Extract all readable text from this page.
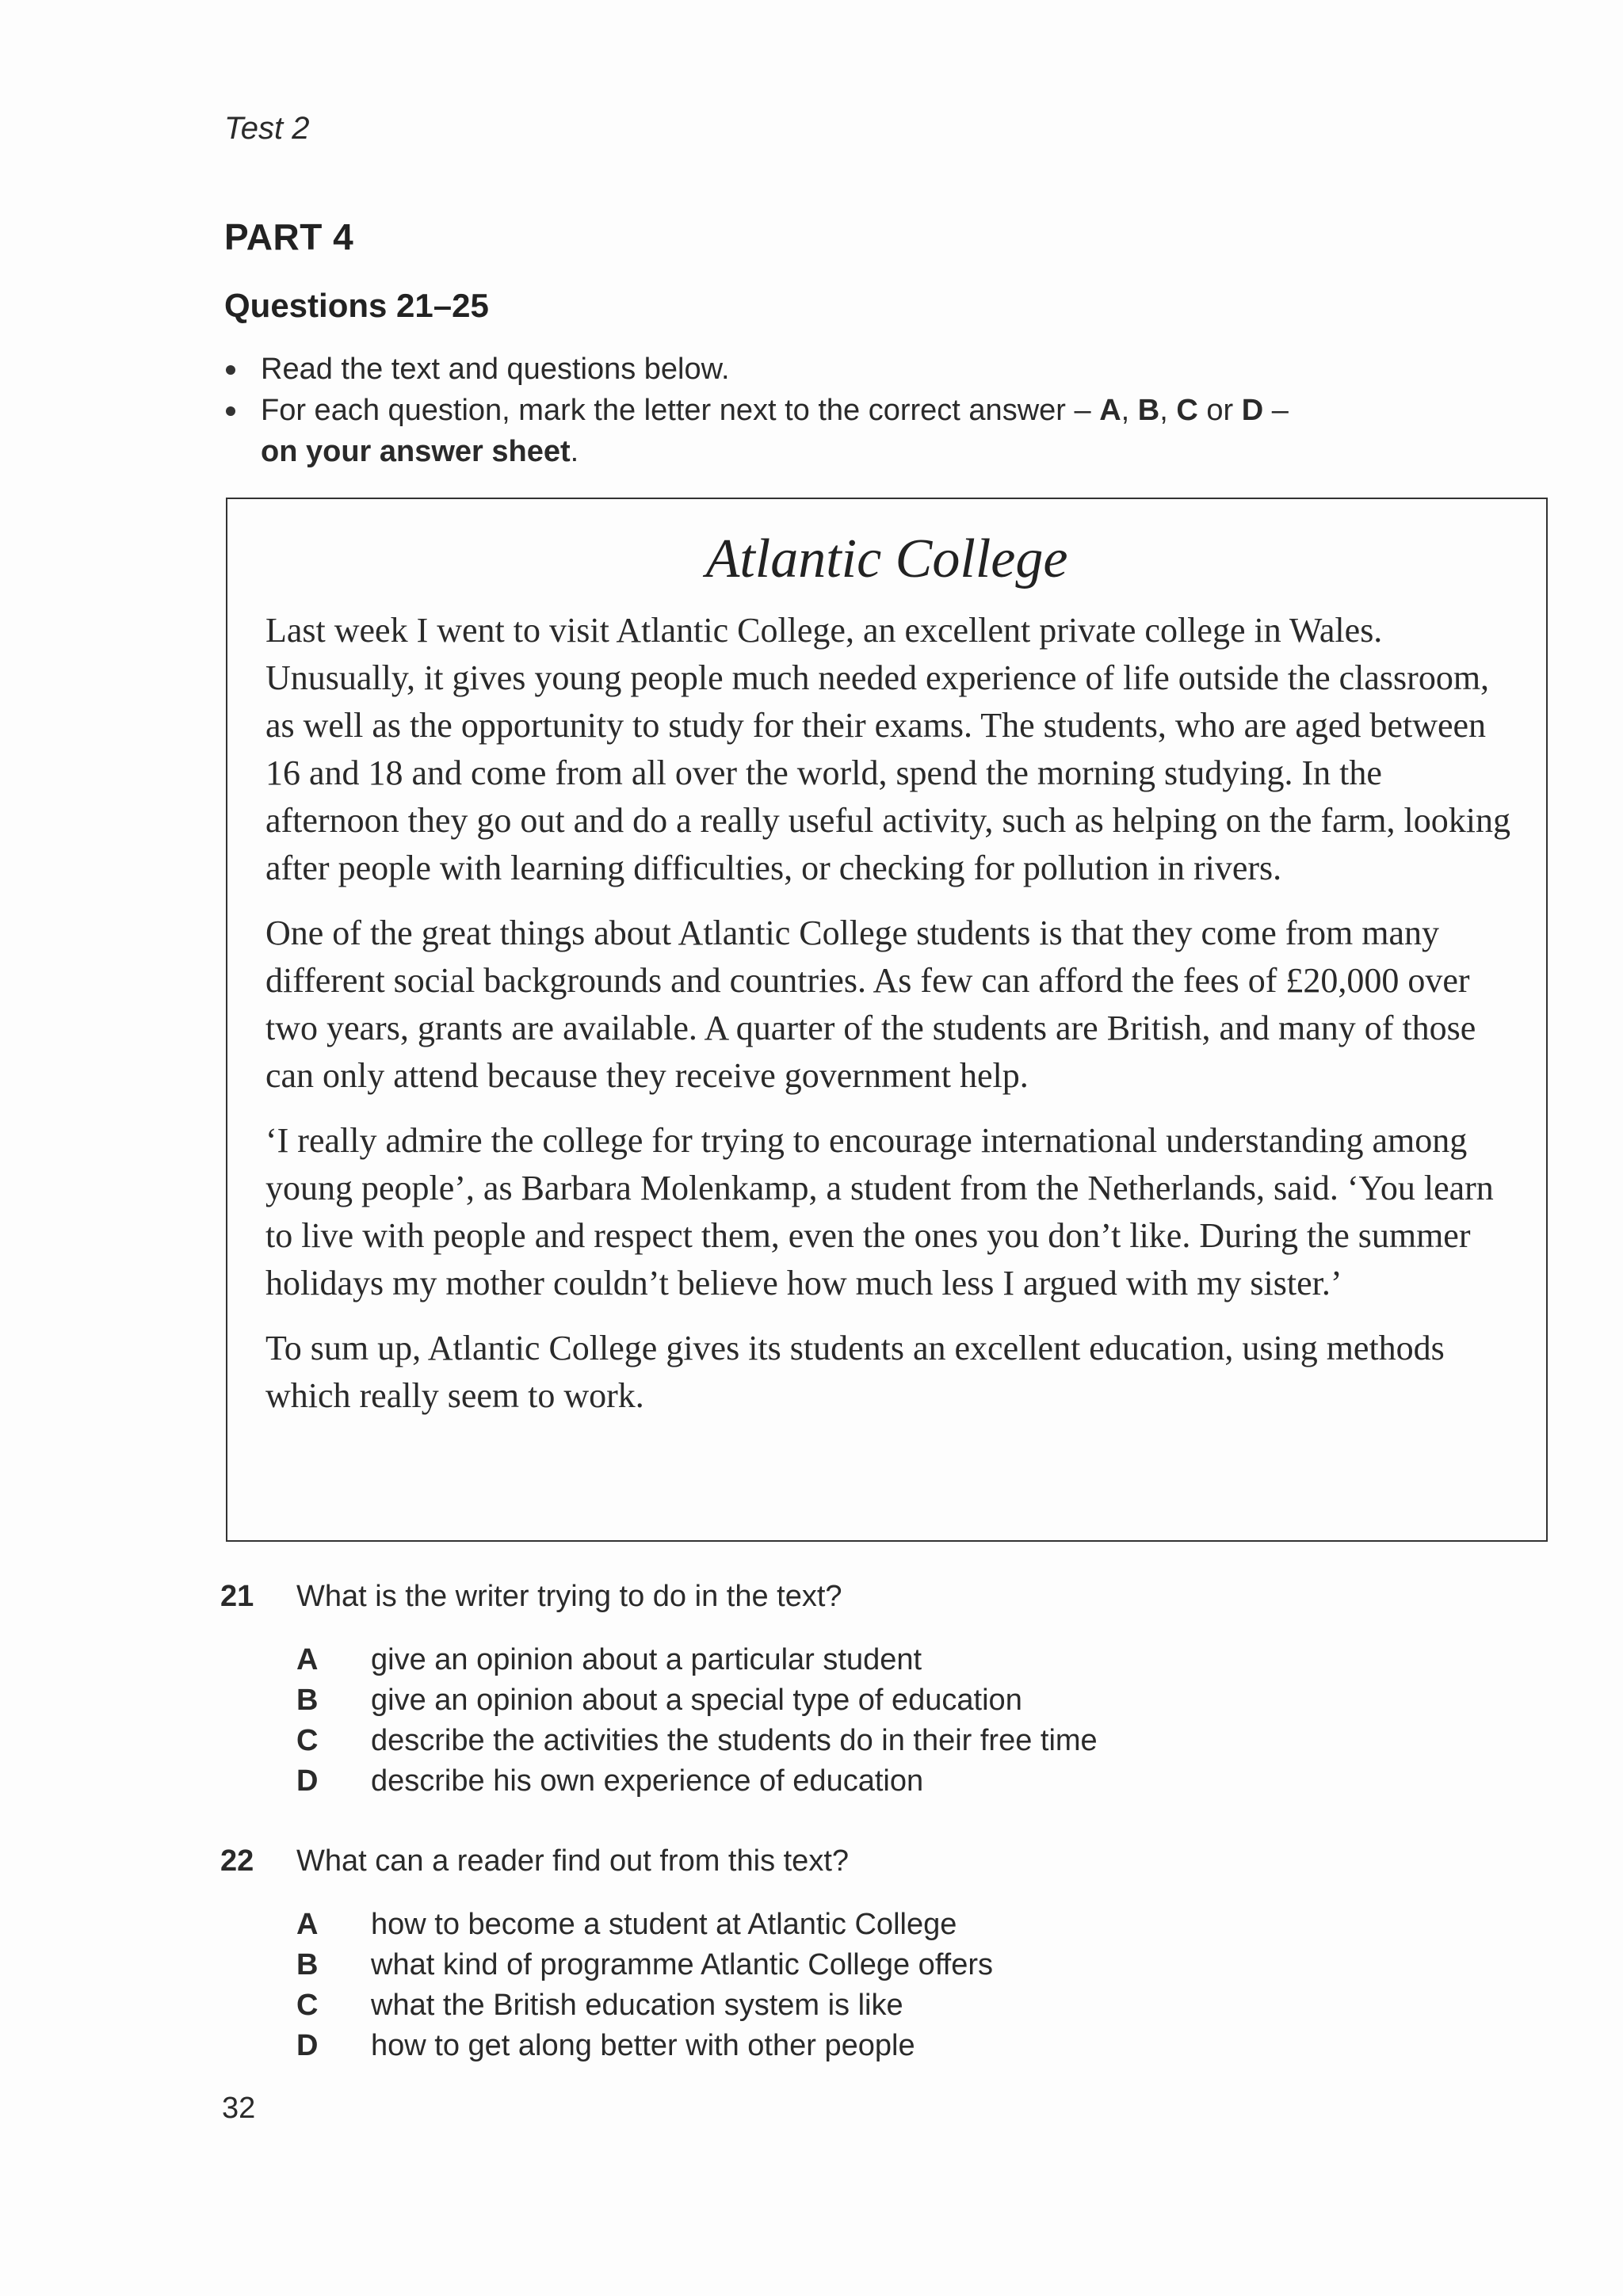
Test 2
PART 4
Questions 21–25
Read the text and questions below.
For each question, mark the letter next to the correct answer – A, B, C or D –
on your answer sheet.
Atlantic College

Last week I went to visit Atlantic College, an excellent private college in Wales. Unusually, it gives young people much needed experience of life outside the classroom, as well as the opportunity to study for their exams. The students, who are aged between 16 and 18 and come from all over the world, spend the morning studying. In the afternoon they go out and do a really useful activity, such as helping on the farm, looking after people with learning difficulties, or checking for pollution in rivers.

One of the great things about Atlantic College students is that they come from many different social backgrounds and countries. As few can afford the fees of £20,000 over two years, grants are available. A quarter of the students are British, and many of those can only attend because they receive government help.

‘I really admire the college for trying to encourage international understanding among young people’, as Barbara Molenkamp, a student from the Netherlands, said. ‘You learn to live with people and respect them, even the ones you don’t like. During the summer holidays my mother couldn’t believe how much less I argued with my sister.’

To sum up, Atlantic College gives its students an excellent education, using methods which really seem to work.

21 What is the writer trying to do in the text?
A	give an opinion about a particular student
B	give an opinion about a special type of education
C	describe the activities the students do in their free time
D	describe his own experience of education
22 What can a reader find out from this text?
A	how to become a student at Atlantic College
B	what kind of programme Atlantic College offers
C	what the British education system is like
D	how to get along better with other people
32
